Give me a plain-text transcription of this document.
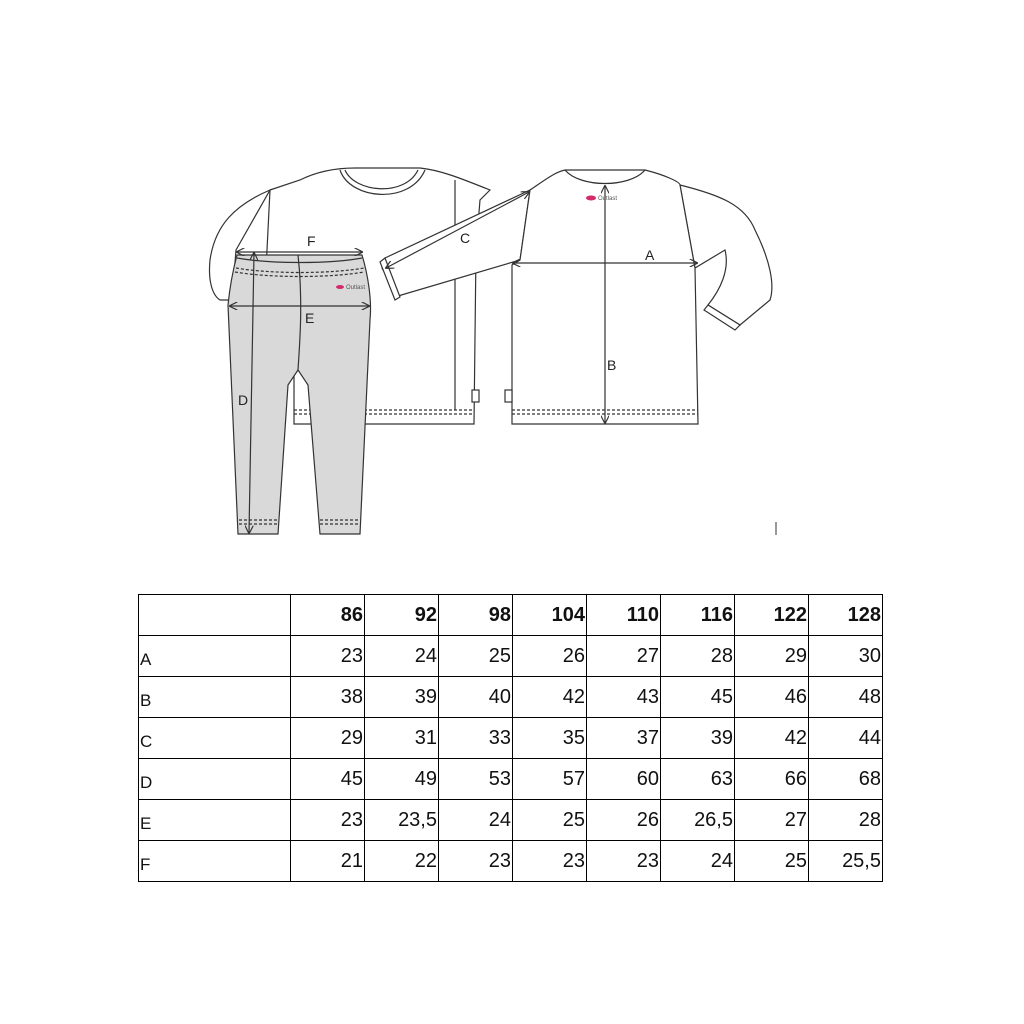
Outlast
Outlast
A
B
C
D
E
F
	86	92	98	104	110	116	122	128
A	23	24	25	26	27	28	29	30
B	38	39	40	42	43	45	46	48
C	29	31	33	35	37	39	42	44
D	45	49	53	57	60	63	66	68
E	23	23,5	24	25	26	26,5	27	28
F	21	22	23	23	23	24	25	25,5
